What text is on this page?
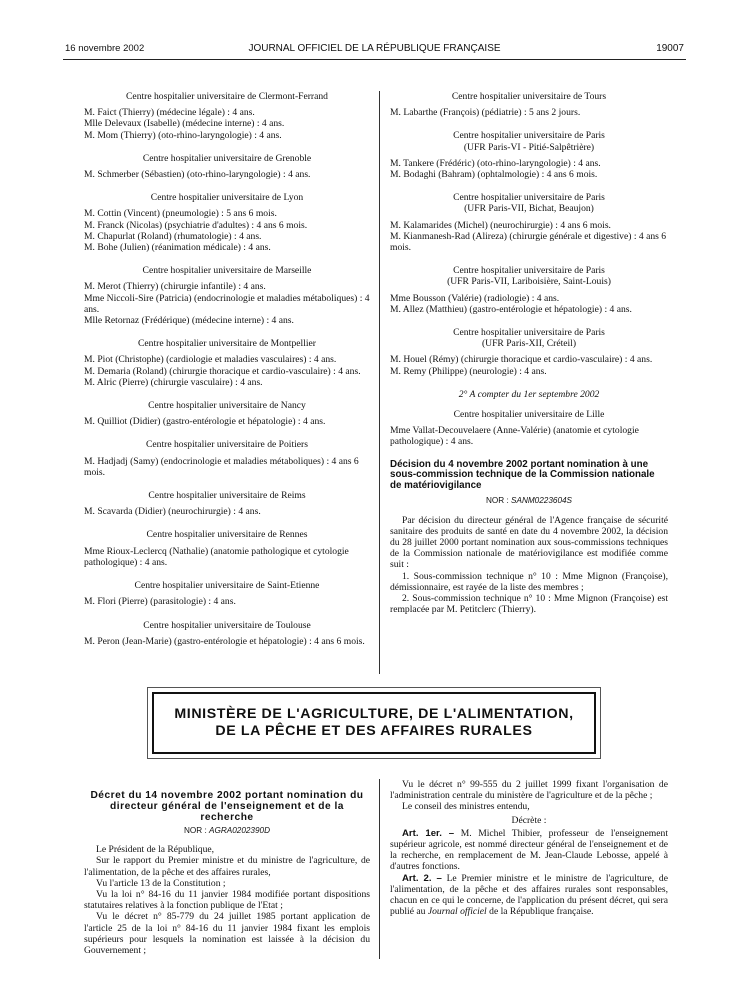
16 novembre 2002	JOURNAL OFFICIEL DE LA RÉPUBLIQUE FRANÇAISE	19007

Centre hospitalier universitaire de Clermont-Ferrand

M. Faict (Thierry) (médecine légale) : 4 ans.

Mlle Delevaux (Isabelle) (médecine interne) : 4 ans.

M. Mom (Thierry) (oto-rhino-laryngologie) : 4 ans.

Centre hospitalier universitaire de Grenoble

M. Schmerber (Sébastien) (oto-rhino-laryngologie) : 4 ans.

Centre hospitalier universitaire de Lyon

M. Cottin (Vincent) (pneumologie) : 5 ans 6 mois.

M. Franck (Nicolas) (psychiatrie d'adultes) : 4 ans 6 mois.

M. Chapurlat (Roland) (rhumatologie) : 4 ans.

M. Bohe (Julien) (réanimation médicale) : 4 ans.

Centre hospitalier universitaire de Marseille

M. Merot (Thierry) (chirurgie infantile) : 4 ans.

Mme Niccoli-Sire (Patricia) (endocrinologie et maladies métaboliques) : 4 ans.

Mlle Retornaz (Frédérique) (médecine interne) : 4 ans.

Centre hospitalier universitaire de Montpellier

M. Piot (Christophe) (cardiologie et maladies vasculaires) : 4 ans.

M. Demaria (Roland) (chirurgie thoracique et cardio-vasculaire) : 4 ans.

M. Alric (Pierre) (chirurgie vasculaire) : 4 ans.

Centre hospitalier universitaire de Nancy

M. Quilliot (Didier) (gastro-entérologie et hépatologie) : 4 ans.

Centre hospitalier universitaire de Poitiers

M. Hadjadj (Samy) (endocrinologie et maladies métaboliques) : 4 ans 6 mois.

Centre hospitalier universitaire de Reims

M. Scavarda (Didier) (neurochirurgie) : 4 ans.

Centre hospitalier universitaire de Rennes

Mme Rioux-Leclercq (Nathalie) (anatomie pathologique et cytologie pathologique) : 4 ans.

Centre hospitalier universitaire de Saint-Etienne

M. Flori (Pierre) (parasitologie) : 4 ans.

Centre hospitalier universitaire de Toulouse

M. Peron (Jean-Marie) (gastro-entérologie et hépatologie) : 4 ans 6 mois.

Centre hospitalier universitaire de Tours

M. Labarthe (François) (pédiatrie) : 5 ans 2 jours.

Centre hospitalier universitaire de Paris

(UFR Paris-VI - Pitié-Salpêtrière)

M. Tankere (Frédéric) (oto-rhino-laryngologie) : 4 ans.

M. Bodaghi (Bahram) (ophtalmologie) : 4 ans 6 mois.

Centre hospitalier universitaire de Paris

(UFR Paris-VII, Bichat, Beaujon)

M. Kalamarides (Michel) (neurochirurgie) : 4 ans 6 mois.

M. Kianmanesh-Rad (Alireza) (chirurgie générale et digestive) : 4 ans 6 mois.

Centre hospitalier universitaire de Paris

(UFR Paris-VII, Lariboisière, Saint-Louis)

Mme Bousson (Valérie) (radiologie) : 4 ans.

M. Allez (Matthieu) (gastro-entérologie et hépatologie) : 4 ans.

Centre hospitalier universitaire de Paris

(UFR Paris-XII, Créteil)

M. Houel (Rémy) (chirurgie thoracique et cardio-vasculaire) : 4 ans.

M. Remy (Philippe) (neurologie) : 4 ans.

2° A compter du 1er septembre 2002

Centre hospitalier universitaire de Lille

Mme Vallat-Decouvelaere (Anne-Valérie) (anatomie et cytologie pathologique) : 4 ans.

Décision du 4 novembre 2002 portant nomination à une sous-commission technique de la Commission nationale de matériovigilance

NOR : SANM0223604S

Par décision du directeur général de l'Agence française de sécurité sanitaire des produits de santé en date du 4 novembre 2002, la décision du 28 juillet 2000 portant nomination aux sous-commissions techniques de la Commission nationale de matériovigilance est modifiée comme suit :

1. Sous-commission technique n° 10 : Mme Mignon (Françoise), démissionnaire, est rayée de la liste des membres ;

2. Sous-commission technique n° 10 : Mme Mignon (Françoise) est remplacée par M. Petitclerc (Thierry).

MINISTÈRE DE L'AGRICULTURE, DE L'ALIMENTATION,
DE LA PÊCHE ET DES AFFAIRES RURALES

Décret du 14 novembre 2002 portant nomination du directeur général de l'enseignement et de la recherche

NOR : AGRA0202390D

Le Président de la République,

Sur le rapport du Premier ministre et du ministre de l'agriculture, de l'alimentation, de la pêche et des affaires rurales,

Vu l'article 13 de la Constitution ;

Vu la loi n° 84-16 du 11 janvier 1984 modifiée portant dispositions statutaires relatives à la fonction publique de l'Etat ;

Vu le décret n° 85-779 du 24 juillet 1985 portant application de l'article 25 de la loi n° 84-16 du 11 janvier 1984 fixant les emplois supérieurs pour lesquels la nomination est laissée à la décision du Gouvernement ;

Vu le décret n° 99-555 du 2 juillet 1999 fixant l'organisation de l'administration centrale du ministère de l'agriculture et de la pêche ;

Le conseil des ministres entendu,

Décrète :

Art. 1er. – M. Michel Thibier, professeur de l'enseignement supérieur agricole, est nommé directeur général de l'enseignement et de la recherche, en remplacement de M. Jean-Claude Lebosse, appelé à d'autres fonctions.

Art. 2. – Le Premier ministre et le ministre de l'agriculture, de l'alimentation, de la pêche et des affaires rurales sont responsables, chacun en ce qui le concerne, de l'application du présent décret, qui sera publié au Journal officiel de la République française.
